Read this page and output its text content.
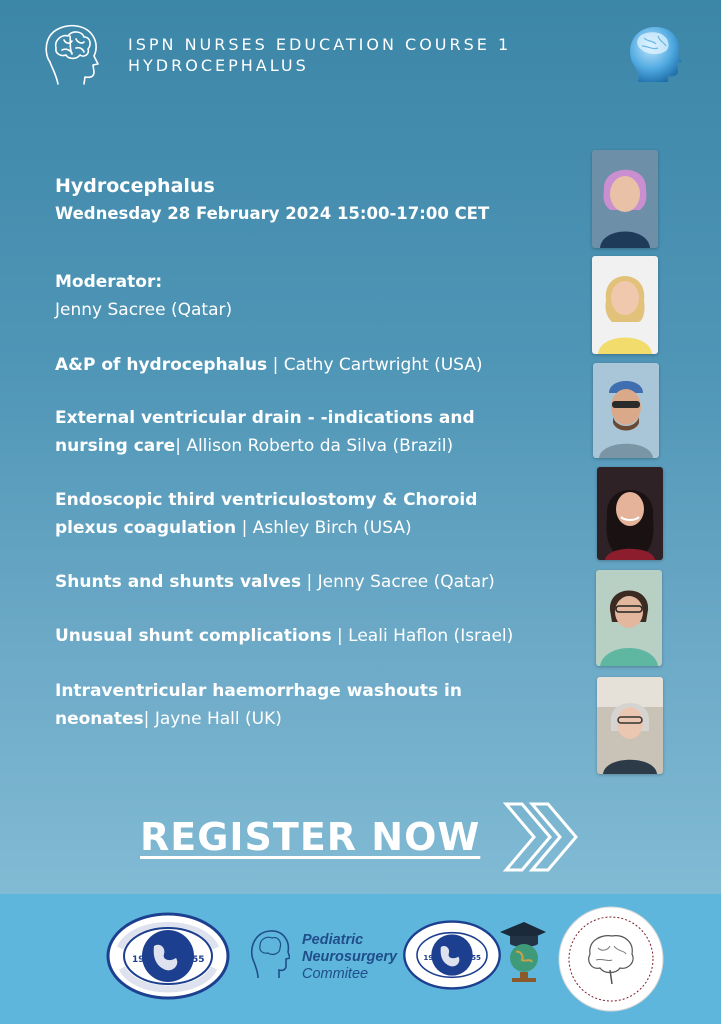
ISPN NURSES EDUCATION COURSE 1
HYDROCEPHALUS
Hydrocephalus
Wednesday 28 February 2024 15:00-17:00 CET
Moderator:
Jenny Sacree (Qatar)
A&P of hydrocephalus | Cathy Cartwright (USA)
External ventricular drain - -indications and nursing care| Allison Roberto da Silva (Brazil)
Endoscopic third ventriculostomy & Choroid plexus coagulation | Ashley Birch (USA)
Shunts and shunts valves | Jenny Sacree (Qatar)
Unusual shunt complications | Leali Haflon (Israel)
Intraventricular haemorrhage washouts in neonates| Jayne Hall (UK)
REGISTER NOW
19	55
Pediatric
Neurosurgery
Commitee
19	55
